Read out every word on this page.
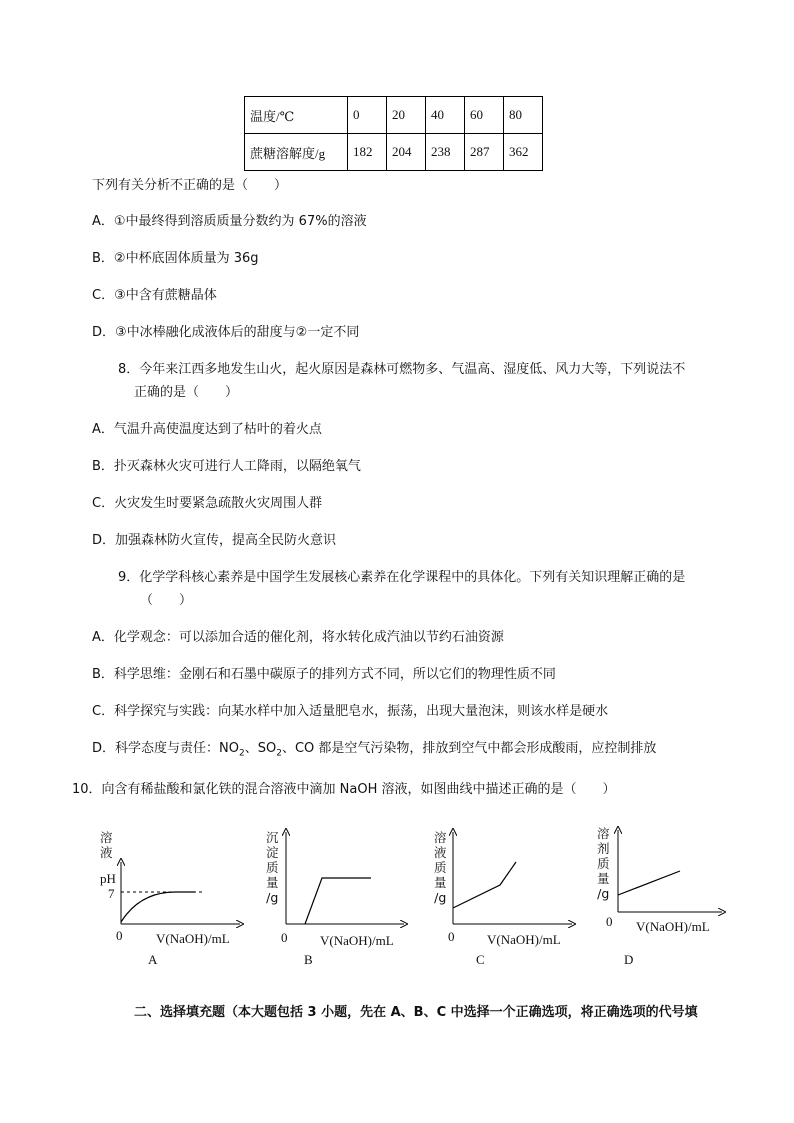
温度/℃	0	20	40	60	80
蔗糖溶解度/g	182	204	238	287	362
下列有关分析不正确的是（　　）
A．①中最终得到溶质质量分数约为 67%的溶液
B．②中杯底固体质量为 36g
C．③中含有蔗糖晶体
D．③中冰棒融化成液体后的甜度与②一定不同
8．今年来江西多地发生山火，起火原因是森林可燃物多、气温高、湿度低、风力大等，下列说法不
正确的是（　　）
A．气温升高使温度达到了枯叶的着火点
B．扑灭森林火灾可进行人工降雨，以隔绝氧气
C．火灾发生时要紧急疏散火灾周围人群
D．加强森林防火宣传，提高全民防火意识
9．化学学科核心素养是中国学生发展核心素养在化学课程中的具体化。下列有关知识理解正确的是
（　　）
A．化学观念：可以添加合适的催化剂，将水转化成汽油以节约石油资源
B．科学思维：金刚石和石墨中碳原子的排列方式不同，所以它们的物理性质不同
C．科学探究与实践：向某水样中加入适量肥皂水，振荡，出现大量泡沫，则该水样是硬水
D．科学态度与责任：$NO_2$、$SO_2$、CO 都是空气污染物，排放到空气中都会形成酸雨，应控制排放
10．向含有稀盐酸和氯化铁的混合溶液中滴加 NaOH 溶液，如图曲线中描述正确的是（　　）
溶
液
pH
7
0	V(NaOH)/mL
A
沉
淀
质
量
/g
0	V(NaOH)/mL
B
溶
液
质
量
/g
0	V(NaOH)/mL
C
溶
剂
质
量
/g
0 V(NaOH)/mL
D
二、选择填充题（本大题包括 3 小题，先在 A、B、C 中选择一个正确选项，将正确选项的代号填
